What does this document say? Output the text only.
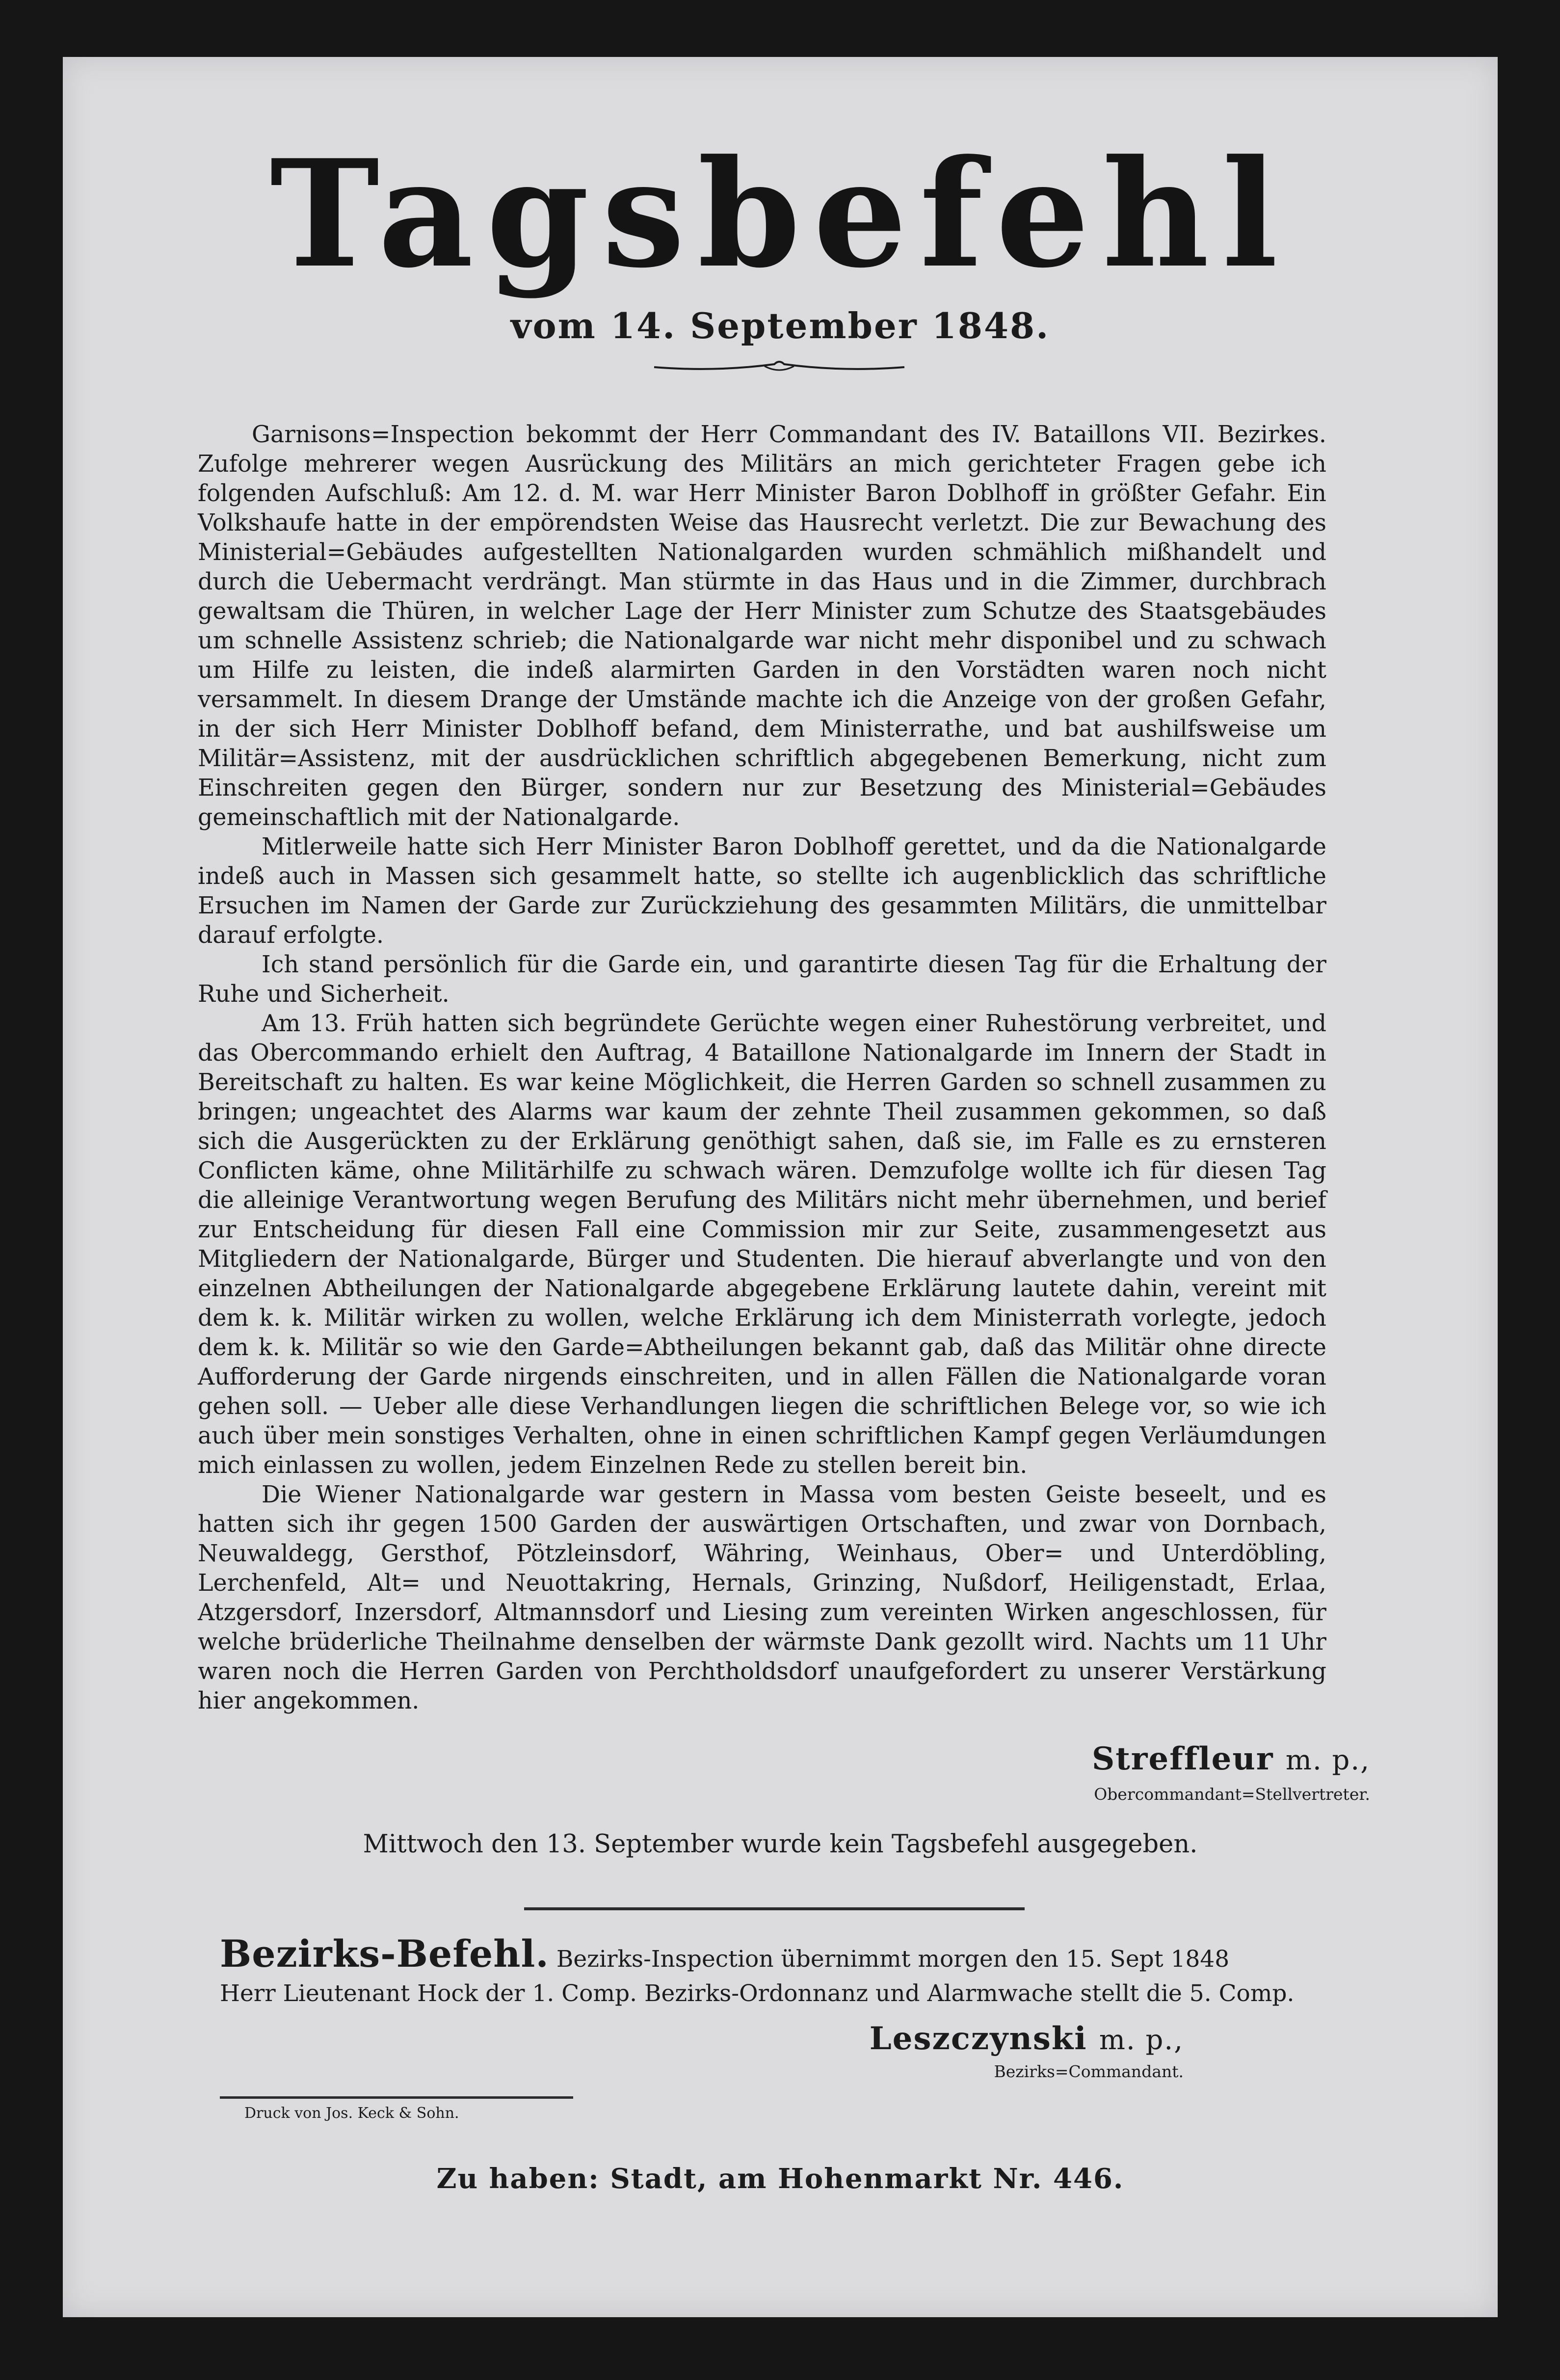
Tagsbefehl
vom 14. September 1848.

Garnisons=Inspection bekommt der Herr Commandant des IV. Bataillons VII. Bezirkes. Zufolge mehrerer wegen Ausrückung des Militärs an mich gerichteter Fragen gebe ich folgenden Aufschluß: Am 12. d. M. war Herr Minister Baron Doblhoff in größter Gefahr. Ein Volkshaufe hatte in der empörendsten Weise das Hausrecht verletzt. Die zur Bewachung des Ministerial=Gebäudes aufgestellten Nationalgarden wurden schmählich mißhandelt und durch die Uebermacht verdrängt. Man stürmte in das Haus und in die Zimmer, durchbrach gewaltsam die Thüren, in welcher Lage der Herr Minister zum Schutze des Staatsgebäudes um schnelle Assistenz schrieb; die Nationalgarde war nicht mehr disponibel und zu schwach um Hilfe zu leisten, die indeß alarmirten Garden in den Vorstädten waren noch nicht versammelt. In diesem Drange der Umstände machte ich die Anzeige von der großen Gefahr, in der sich Herr Minister Doblhoff befand, dem Ministerrathe, und bat aushilfsweise um Militär=Assistenz, mit der ausdrücklichen schriftlich abgegebenen Bemerkung, nicht zum Einschreiten gegen den Bürger, sondern nur zur Besetzung des Ministerial=Gebäudes gemeinschaftlich mit der Nationalgarde.

Mitlerweile hatte sich Herr Minister Baron Doblhoff gerettet, und da die Nationalgarde indeß auch in Massen sich gesammelt hatte, so stellte ich augenblicklich das schriftliche Ersuchen im Namen der Garde zur Zurückziehung des gesammten Militärs, die unmittelbar darauf erfolgte.

Ich stand persönlich für die Garde ein, und garantirte diesen Tag für die Erhaltung der Ruhe und Sicherheit.

Am 13. Früh hatten sich begründete Gerüchte wegen einer Ruhestörung verbreitet, und das Obercommando erhielt den Auftrag, 4 Bataillone Nationalgarde im Innern der Stadt in Bereitschaft zu halten. Es war keine Möglichkeit, die Herren Garden so schnell zusammen zu bringen; ungeachtet des Alarms war kaum der zehnte Theil zusammen gekommen, so daß sich die Ausgerückten zu der Erklärung genöthigt sahen, daß sie, im Falle es zu ernsteren Conflicten käme, ohne Militärhilfe zu schwach wären. Demzufolge wollte ich für diesen Tag die alleinige Verantwortung wegen Berufung des Militärs nicht mehr übernehmen, und berief zur Entscheidung für diesen Fall eine Commission mir zur Seite, zusammengesetzt aus Mitgliedern der Nationalgarde, Bürger und Studenten. Die hierauf abverlangte und von den einzelnen Abtheilungen der Nationalgarde abgegebene Erklärung lautete dahin, vereint mit dem k. k. Militär wirken zu wollen, welche Erklärung ich dem Ministerrath vorlegte, jedoch dem k. k. Militär so wie den Garde=Abtheilungen bekannt gab, daß das Militär ohne directe Aufforderung der Garde nirgends einschreiten, und in allen Fällen die Nationalgarde voran gehen soll. — Ueber alle diese Verhandlungen liegen die schriftlichen Belege vor, so wie ich auch über mein sonstiges Verhalten, ohne in einen schriftlichen Kampf gegen Verläumdungen mich einlassen zu wollen, jedem Einzelnen Rede zu stellen bereit bin.

Die Wiener Nationalgarde war gestern in Massa vom besten Geiste beseelt, und es hatten sich ihr gegen 1500 Garden der auswärtigen Ortschaften, und zwar von Dornbach, Neuwaldegg, Gersthof, Pötzleinsdorf, Währing, Weinhaus, Ober= und Unterdöbling, Lerchenfeld, Alt= und Neuottakring, Hernals, Grinzing, Nußdorf, Heiligenstadt, Erlaa, Atzgersdorf, Inzersdorf, Altmannsdorf und Liesing zum vereinten Wirken angeschlossen, für welche brüderliche Theilnahme denselben der wärmste Dank gezollt wird. Nachts um 11 Uhr waren noch die Herren Garden von Perchtholdsdorf unaufgefordert zu unserer Verstärkung hier angekommen.

Streffleur m. p.,
Obercommandant=Stellvertreter.
Mittwoch den 13. September wurde kein Tagsbefehl ausgegeben.
Bezirks-Befehl. Bezirks-Inspection übernimmt morgen den 15. Sept 1848
Herr Lieutenant Hock der 1. Comp. Bezirks-Ordonnanz und Alarmwache stellt die 5. Comp.
Leszczynski m. p.,
Bezirks=Commandant.
Druck von Jos. Keck & Sohn.
Zu haben: Stadt, am Hohenmarkt Nr. 446.
